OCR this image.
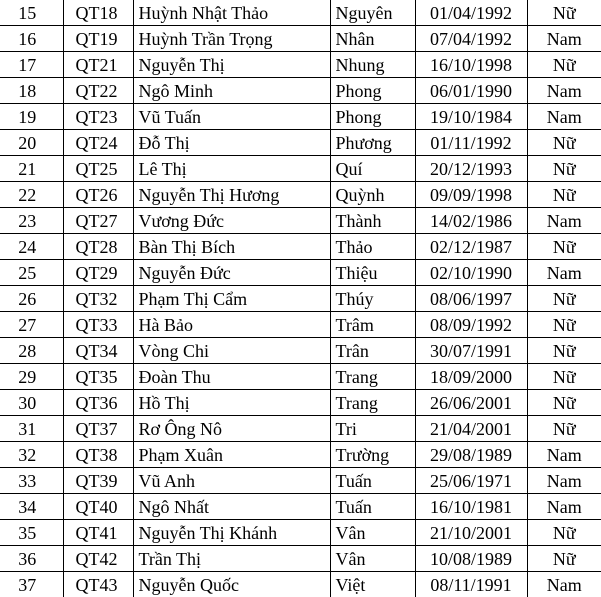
15	QT18	Huỳnh Nhật Thảo	Nguyên	01/04/1992	Nữ
16	QT19	Huỳnh Trần Trọng	Nhân	07/04/1992	Nam
17	QT21	Nguyễn Thị	Nhung	16/10/1998	Nữ
18	QT22	Ngô Minh	Phong	06/01/1990	Nam
19	QT23	Vũ Tuấn	Phong	19/10/1984	Nam
20	QT24	Đỗ Thị	Phương	01/11/1992	Nữ
21	QT25	Lê Thị	Quí	20/12/1993	Nữ
22	QT26	Nguyễn Thị Hương	Quỳnh	09/09/1998	Nữ
23	QT27	Vương Đức	Thành	14/02/1986	Nam
24	QT28	Bàn Thị Bích	Thảo	02/12/1987	Nữ
25	QT29	Nguyễn Đức	Thiệu	02/10/1990	Nam
26	QT32	Phạm Thị Cẩm	Thúy	08/06/1997	Nữ
27	QT33	Hà Bảo	Trâm	08/09/1992	Nữ
28	QT34	Vòng Chi	Trân	30/07/1991	Nữ
29	QT35	Đoàn Thu	Trang	18/09/2000	Nữ
30	QT36	Hồ Thị	Trang	26/06/2001	Nữ
31	QT37	Rơ Ông Nô	Tri	21/04/2001	Nữ
32	QT38	Phạm Xuân	Trường	29/08/1989	Nam
33	QT39	Vũ Anh	Tuấn	25/06/1971	Nam
34	QT40	Ngô Nhất	Tuấn	16/10/1981	Nam
35	QT41	Nguyễn Thị Khánh	Vân	21/10/2001	Nữ
36	QT42	Trần Thị	Vân	10/08/1989	Nữ
37	QT43	Nguyễn Quốc	Việt	08/11/1991	Nam
